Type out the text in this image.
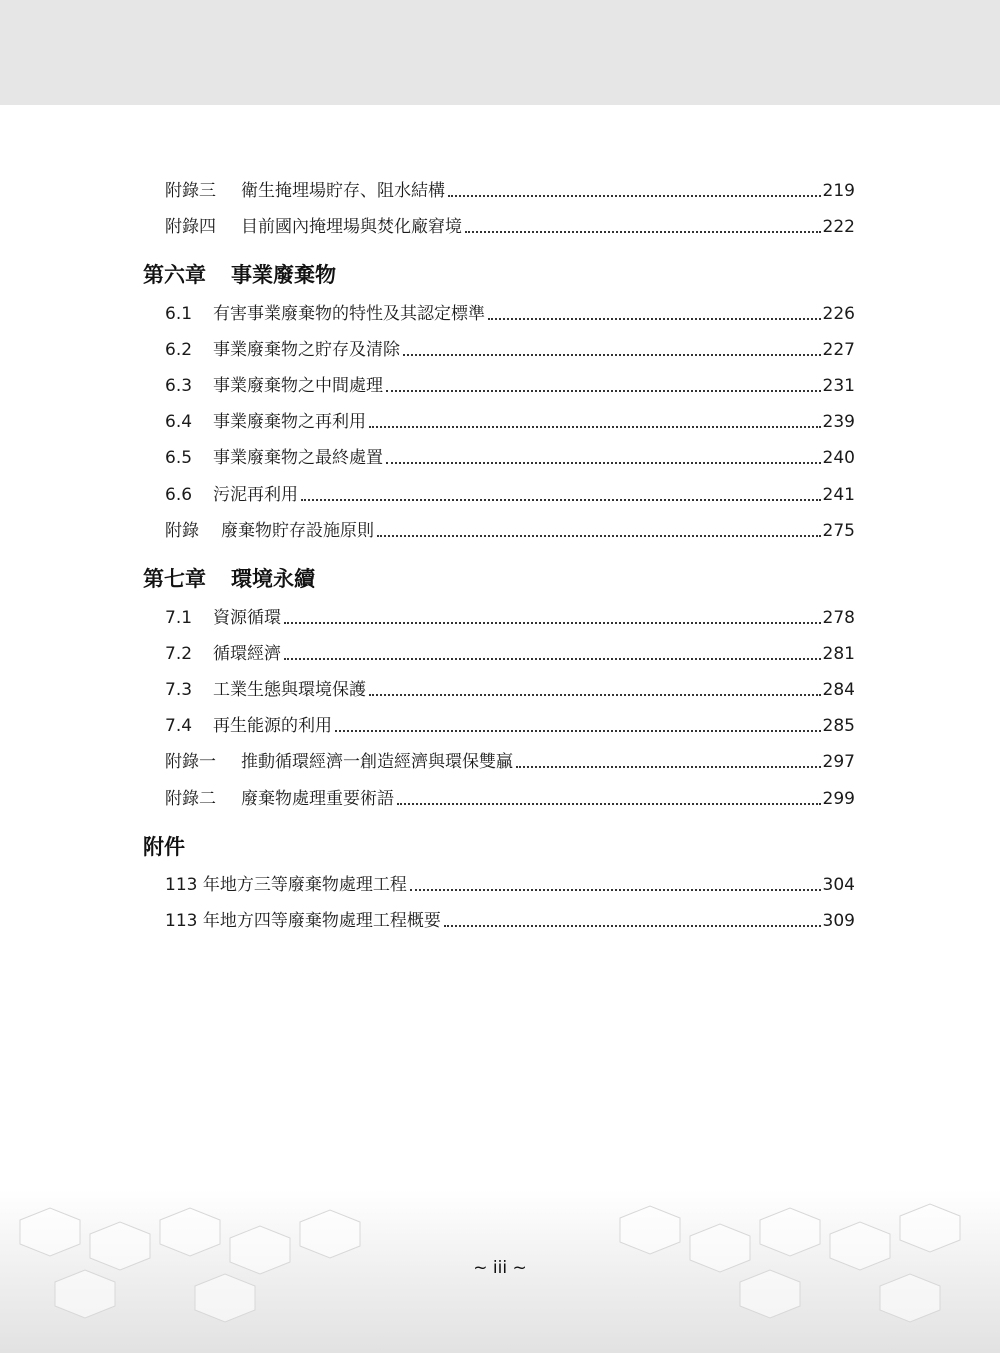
附錄三	衛生掩埋場貯存、阻水結構	219
附錄四	目前國內掩埋場與焚化廠窘境	222
第六章 事業廢棄物
6.1	有害事業廢棄物的特性及其認定標準	226
6.2	事業廢棄物之貯存及清除	227
6.3	事業廢棄物之中間處理	231
6.4	事業廢棄物之再利用	239
6.5	事業廢棄物之最終處置	240
6.6	污泥再利用	241
附錄	廢棄物貯存設施原則	275
第七章 環境永續
7.1	資源循環	278
7.2	循環經濟	281
7.3	工業生態與環境保護	284
7.4	再生能源的利用	285
附錄一	推動循環經濟一創造經濟與環保雙贏	297
附錄二	廢棄物處理重要術語	299
附件
113 年地方三等廢棄物處理工程	304
113 年地方四等廢棄物處理工程概要	309
~ iii ~
